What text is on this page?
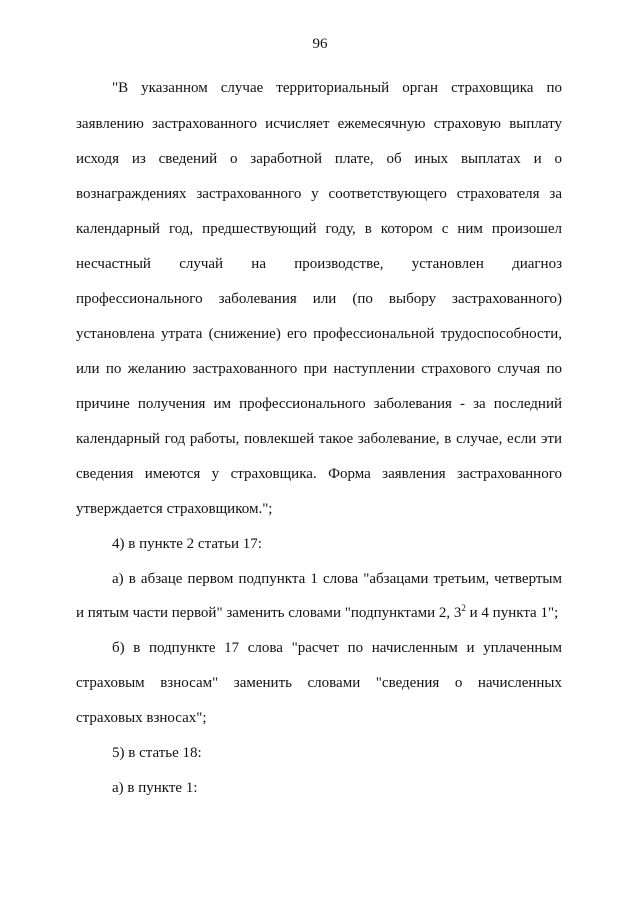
96
"В указанном случае территориальный орган страховщика по
заявлению застрахованного исчисляет ежемесячную страховую выплату
исходя из сведений о заработной плате, об иных выплатах и о
вознаграждениях застрахованного у соответствующего страхователя за
календарный год, предшествующий году, в котором с ним произошел
несчастный случай на производстве, установлен диагноз
профессионального заболевания или (по выбору застрахованного)
установлена утрата (снижение) его профессиональной трудоспособности,
или по желанию застрахованного при наступлении страхового случая по
причине получения им профессионального заболевания - за последний
календарный год работы, повлекшей такое заболевание, в случае, если эти
сведения имеются у страховщика. Форма заявления застрахованного
утверждается страховщиком.";
4) в пункте 2 статьи 17:
а) в абзаце первом подпункта 1 слова "абзацами третьим, четвертым
и пятым части первой" заменить словами "подпунктами 2, $3^2$ и 4 пункта 1";
б) в подпункте 17 слова "расчет по начисленным и уплаченным
страховым взносам" заменить словами "сведения о начисленных
страховых взносах";
5) в статье 18:
а) в пункте 1:
